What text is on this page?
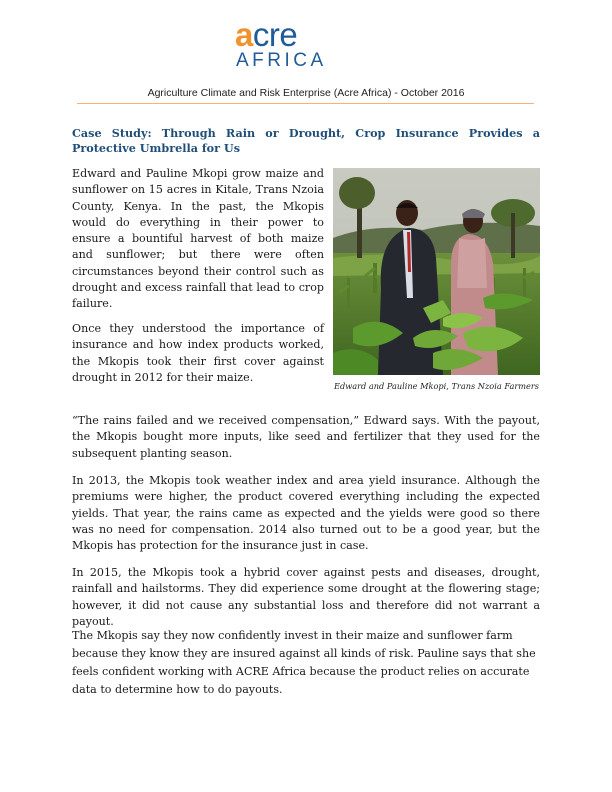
acre
AFRICA
Agriculture Climate and Risk Enterprise (Acre Africa) - October 2016
Case Study: Through Rain or Drought, Crop Insurance Provides a Protective Umbrella for Us

Edward and Pauline Mkopi grow maize and sunflower on 15 acres in Kitale, Trans Nzoia County, Kenya. In the past, the Mkopis would do everything in their power to ensure a bountiful harvest of both maize and sunflower; but there were often circumstances beyond their control such as drought and excess rainfall that lead to crop failure.

Once they understood the importance of insurance and how index products worked, the Mkopis took their first cover against drought in 2012 for their maize.

Edward and Pauline Mkopi, Trans Nzoia Farmers

“The rains failed and we received compensation,” Edward says. With the payout, the Mkopis bought more inputs, like seed and fertilizer that they used for the subsequent planting season.

In 2013, the Mkopis took weather index and area yield insurance. Although the premiums were higher, the product covered everything including the expected yields. That year, the rains came as expected and the yields were good so there was no need for compensation. 2014 also turned out to be a good year, but the Mkopis has protection for the insurance just in case.

In 2015, the Mkopis took a hybrid cover against pests and diseases, drought, rainfall and hailstorms. They did experience some drought at the flowering stage; however, it did not cause any substantial loss and therefore did not warrant a payout.

The Mkopis say they now confidently invest in their maize and sunflower farm because they know they are insured against all kinds of risk. Pauline says that she feels confident working with ACRE Africa because the product relies on accurate data to determine how to do payouts.
